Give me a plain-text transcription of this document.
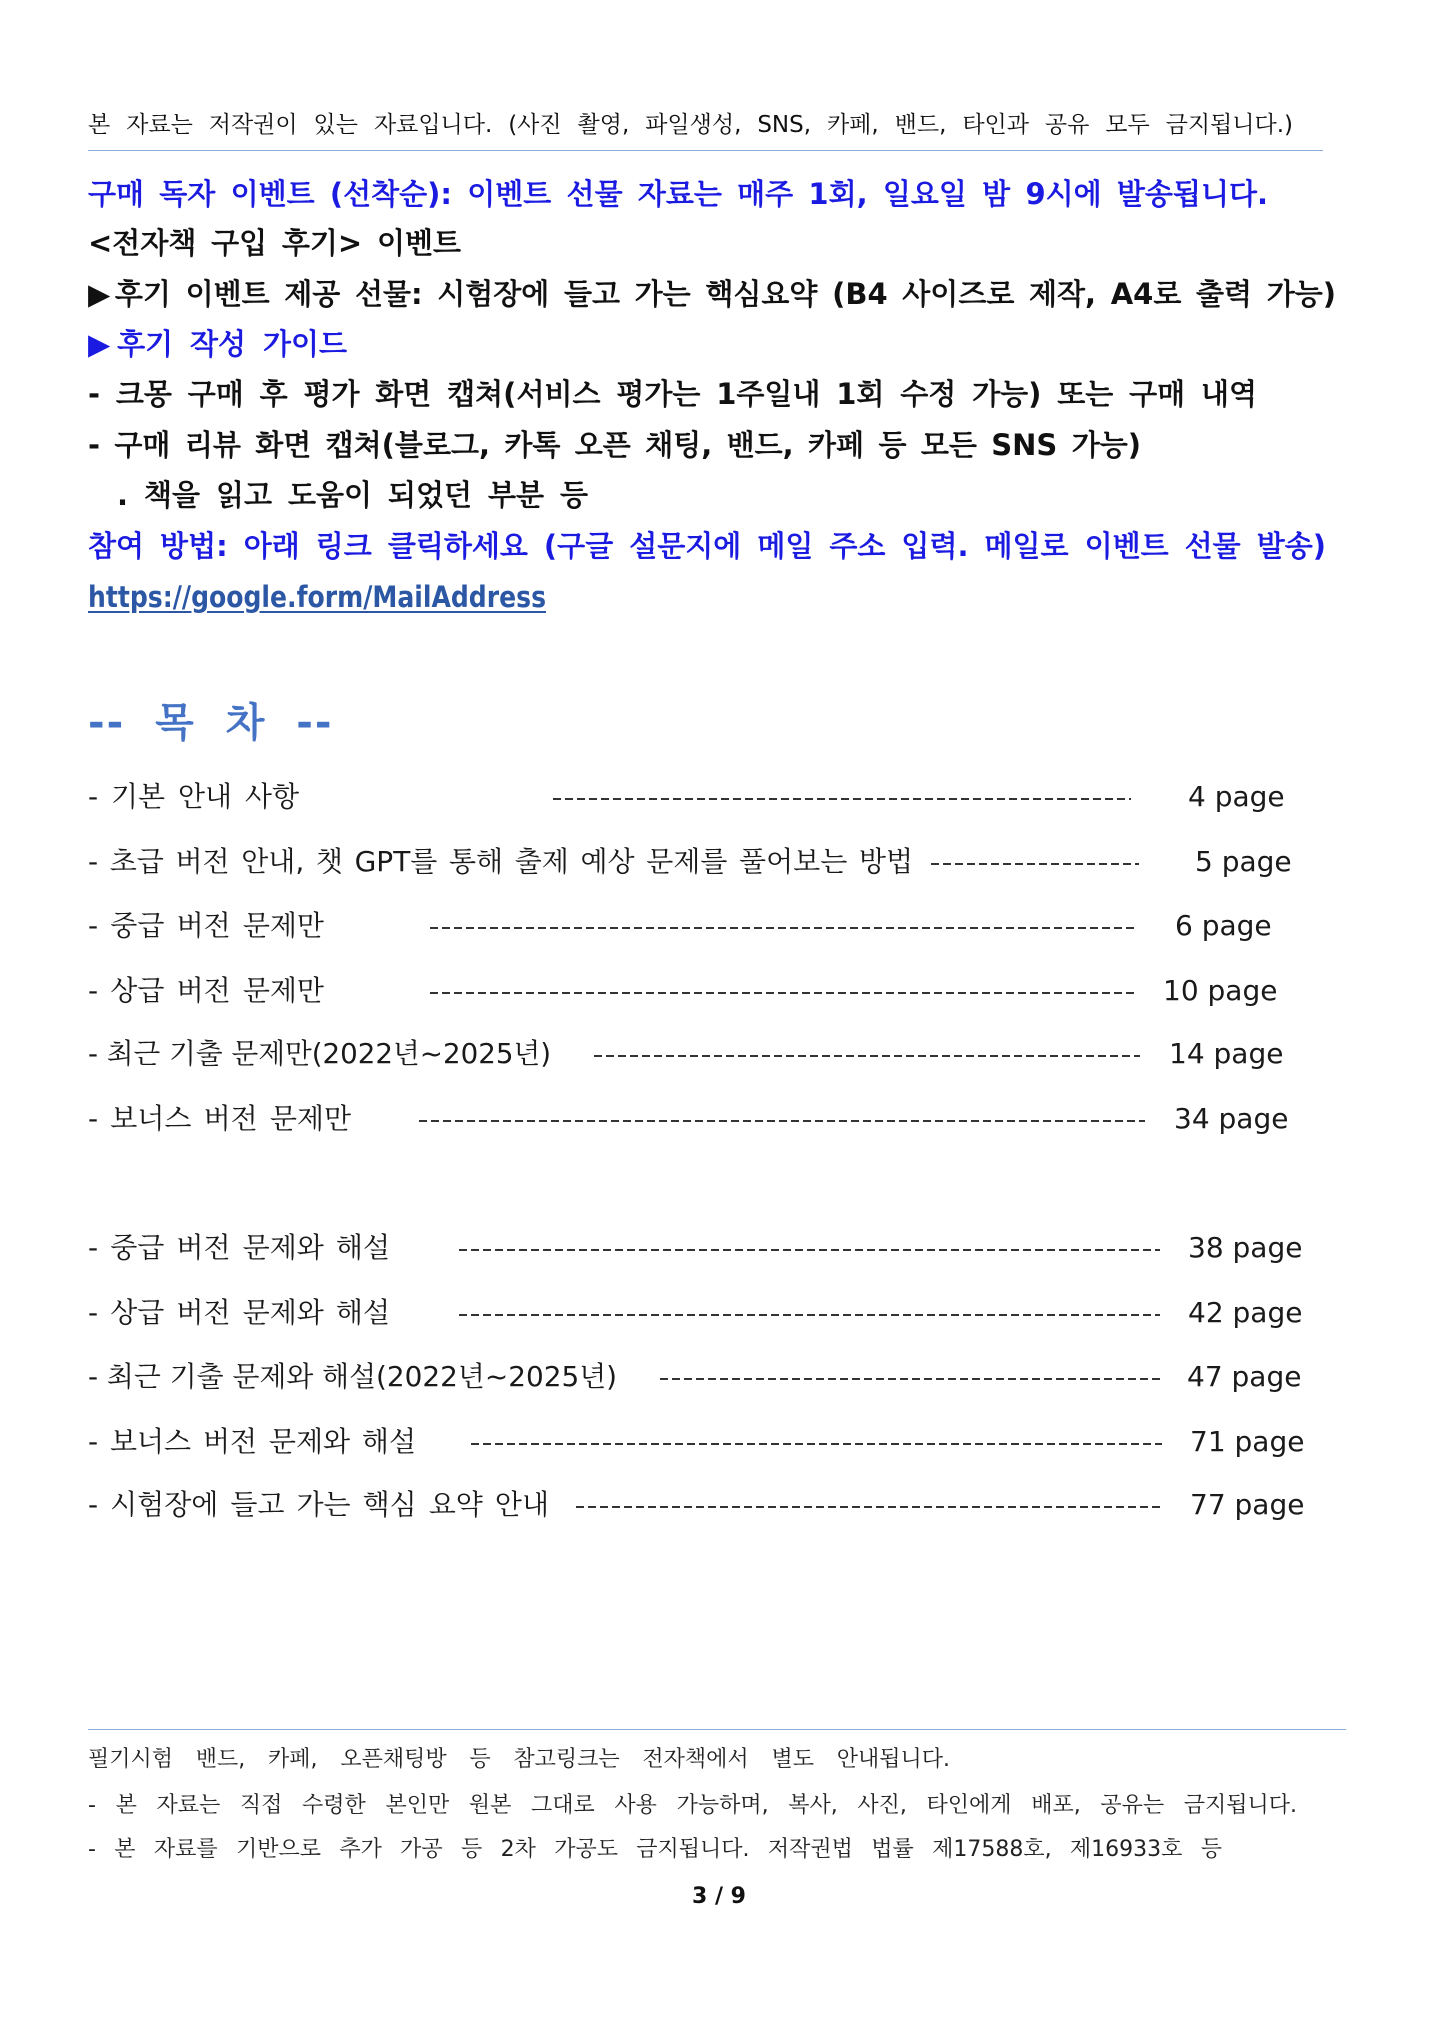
본 자료는 저작권이 있는 자료입니다. (사진 촬영, 파일생성, SNS, 카페, 밴드, 타인과 공유 모두 금지됩니다.)
구매 독자 이벤트 (선착순): 이벤트 선물 자료는 매주 1회, 일요일 밤 9시에 발송됩니다.
<전자책 구입 후기> 이벤트
▶후기 이벤트 제공 선물: 시험장에 들고 가는 핵심요약 (B4 사이즈로 제작, A4로 출력 가능)
▶후기 작성 가이드
- 크몽 구매 후 평가 화면 캡쳐(서비스 평가는 1주일내 1회 수정 가능) 또는 구매 내역
- 구매 리뷰 화면 캡쳐(블로그, 카톡 오픈 채팅, 밴드, 카페 등 모든 SNS 가능)
. 책을 읽고 도움이 되었던 부분 등
참여 방법: 아래 링크 클릭하세요 (구글 설문지에 메일 주소 입력. 메일로 이벤트 선물 발송)
https://google.form/MailAddress
-- 목 차 --
- 기본 안내 사항	4 page
- 초급 버전 안내, 챗 GPT를 통해 출제 예상 문제를 풀어보는 방법	5 page
- 중급 버전 문제만	6 page
- 상급 버전 문제만	10 page
- 최근 기출 문제만(2022년~2025년)	14 page
- 보너스 버전 문제만	34 page
- 중급 버전 문제와 해설	38 page
- 상급 버전 문제와 해설	42 page
- 최근 기출 문제와 해설(2022년~2025년)	47 page
- 보너스 버전 문제와 해설	71 page
- 시험장에 들고 가는 핵심 요약 안내	77 page
필기시험 밴드, 카페, 오픈채팅방 등 참고링크는 전자책에서 별도 안내됩니다.
- 본 자료는 직접 수령한 본인만 원본 그대로 사용 가능하며, 복사, 사진, 타인에게 배포, 공유는 금지됩니다.
- 본 자료를 기반으로 추가 가공 등 2차 가공도 금지됩니다. 저작권법 법률 제17588호, 제16933호 등
3 / 9
